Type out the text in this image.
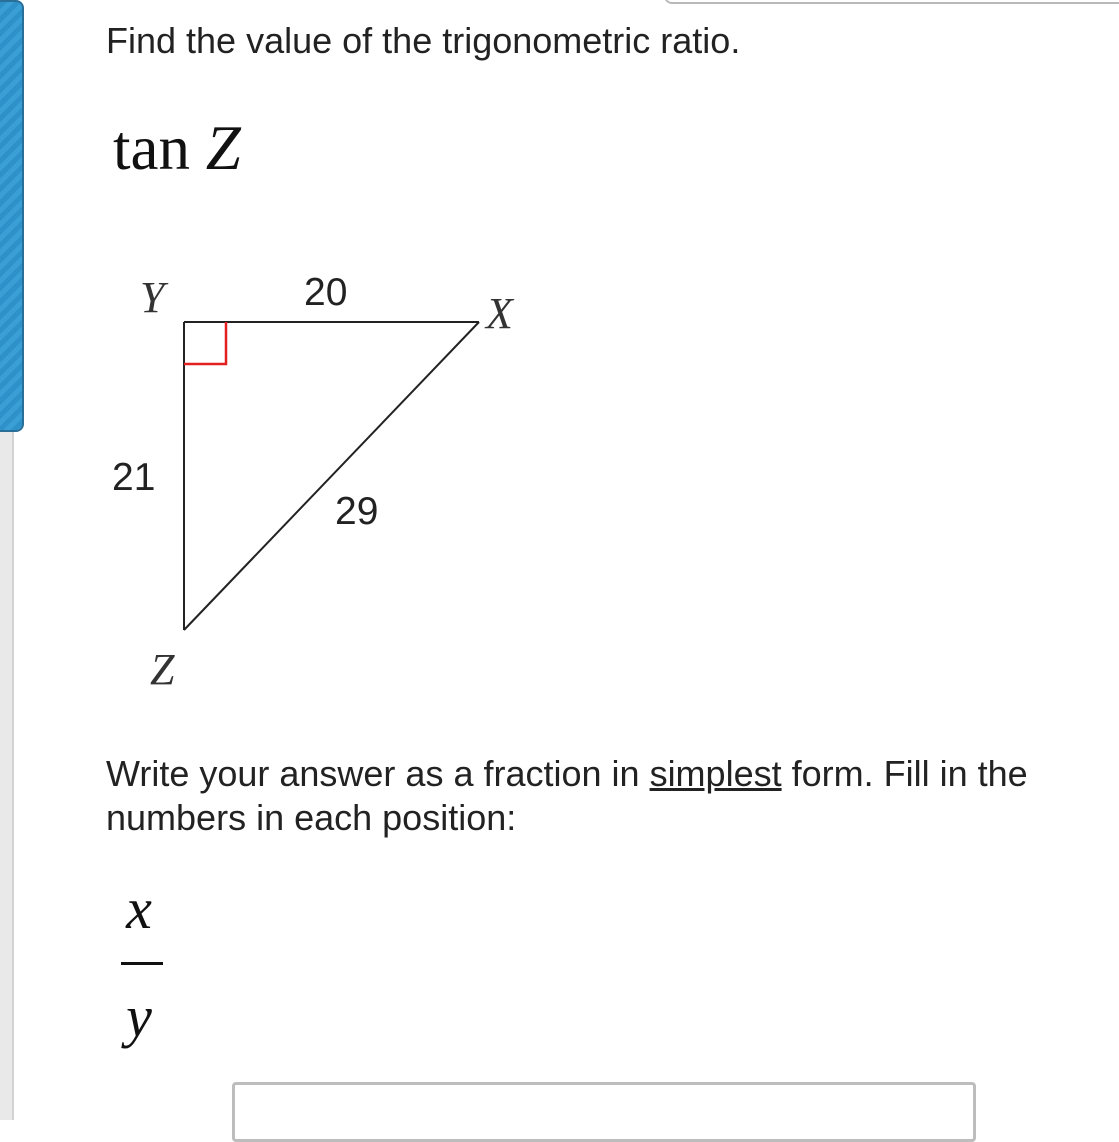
Find the value of the trigonometric ratio.
tan Z
Y	X
Z
20
21
29
Write your answer as a fraction in simplest form. Fill in the numbers in each position:
x
y
